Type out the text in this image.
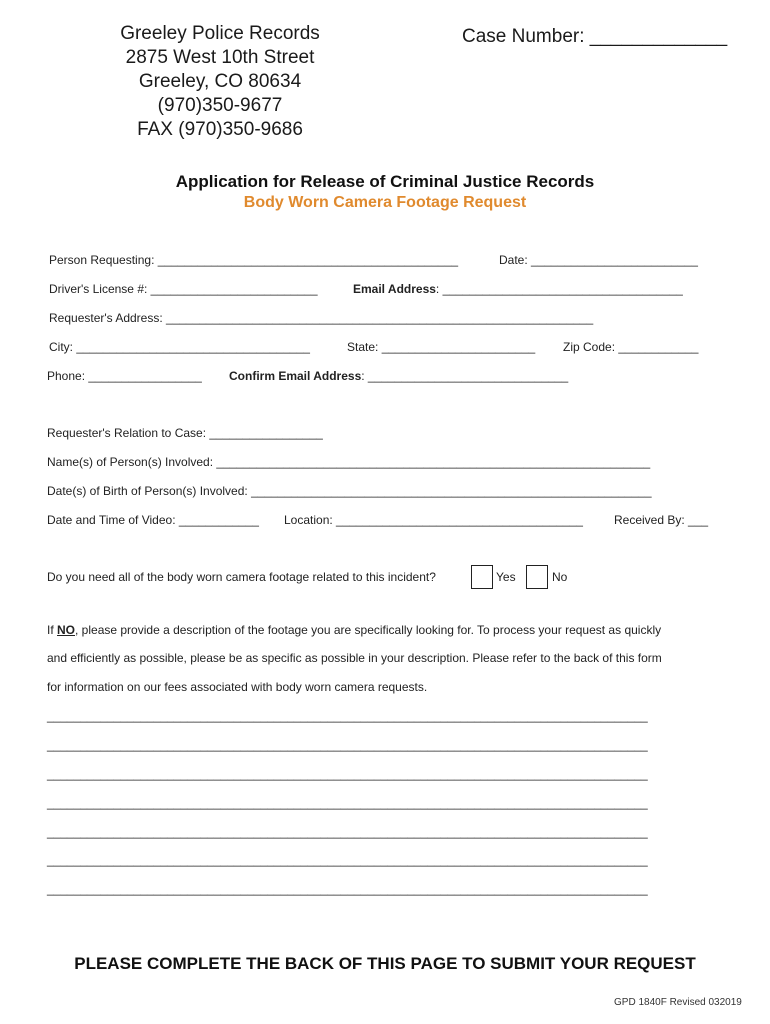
Greeley Police Records
2875 West 10th Street
Greeley, CO 80634
(970)350-9677
FAX (970)350-9686
Case Number: _____________
Application for Release of Criminal Justice Records
Body Worn Camera Footage Request
Person Requesting: _____________________________________________	Date: _________________________
Driver's License #: _________________________	Email Address: ____________________________________
Requester's Address: ________________________________________________________________
City: ___________________________________	State: _______________________ Zip Code: ____________
Phone: _________________ Confirm Email Address: ______________________________
Requester's Relation to Case: _________________
Name(s) of Person(s) Involved: _________________________________________________________________
Date(s) of Birth of Person(s) Involved: ____________________________________________________________
Date and Time of Video: ____________ Location: _____________________________________	Received By: ___
Do you need all of the body worn camera footage related to this incident?	Yes	No
If NO, please provide a description of the footage you are specifically looking for. To process your request as quickly
and efficiently as possible, please be as specific as possible in your description. Please refer to the back of this form
for information on our fees associated with body worn camera requests.
__________________________________________________________________________________________
__________________________________________________________________________________________
__________________________________________________________________________________________
__________________________________________________________________________________________
__________________________________________________________________________________________
__________________________________________________________________________________________
__________________________________________________________________________________________
PLEASE COMPLETE THE BACK OF THIS PAGE TO SUBMIT YOUR REQUEST
GPD 1840F Revised 032019
